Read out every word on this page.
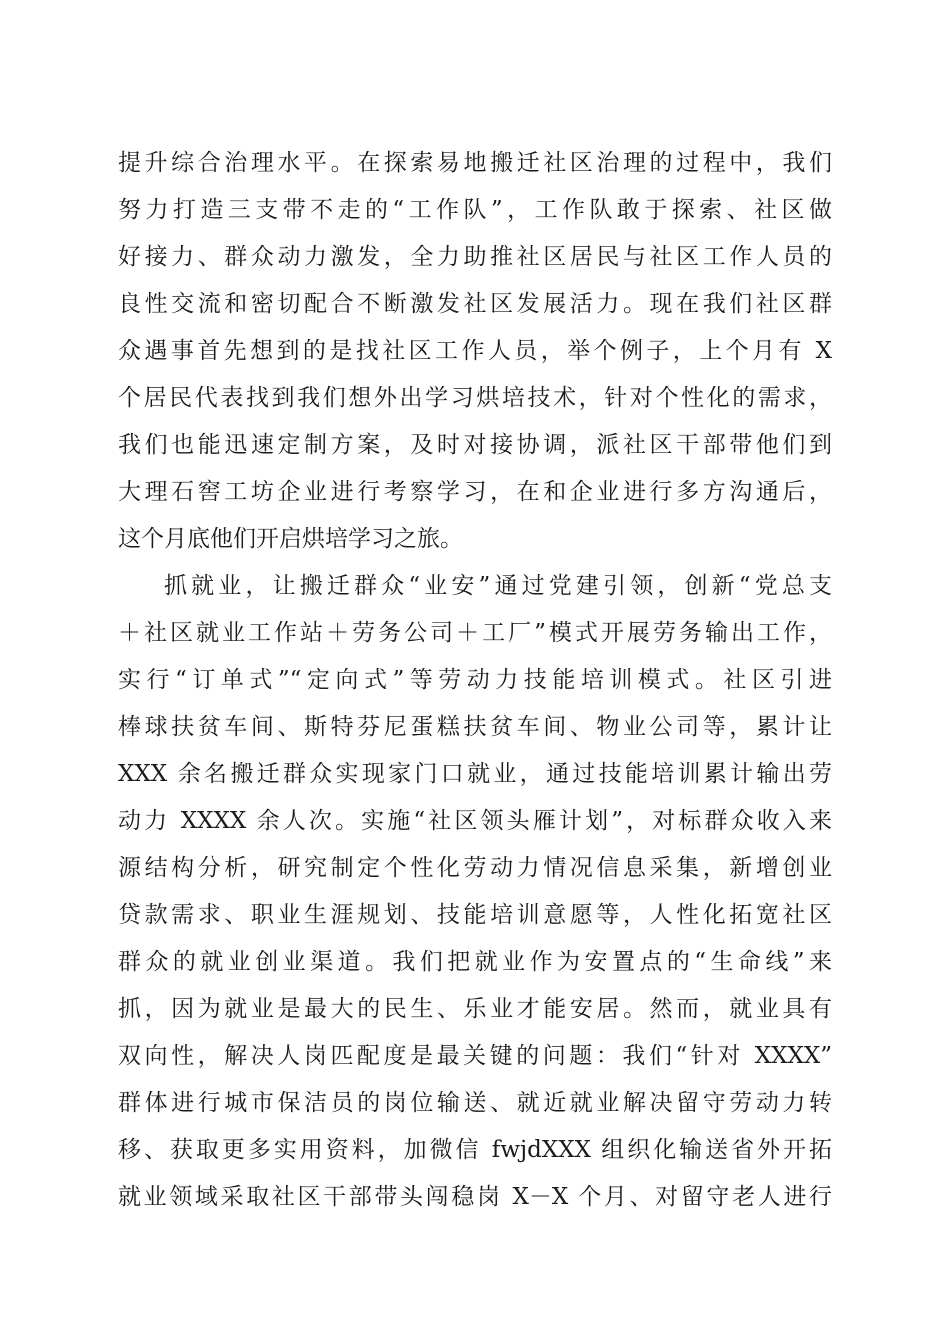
提升综合治理水平。在探索易地搬迁社区治理的过程中，我们
努力打造三支带不走的“工作队”，工作队敢于探索、社区做
好接力、群众动力激发，全力助推社区居民与社区工作人员的
良性交流和密切配合不断激发社区发展活力。现在我们社区群
众遇事首先想到的是找社区工作人员，举个例子，上个月有 X
个居民代表找到我们想外出学习烘培技术，针对个性化的需求，
我们也能迅速定制方案，及时对接协调，派社区干部带他们到
大理石窖工坊企业进行考察学习，在和企业进行多方沟通后，
这个月底他们开启烘培学习之旅。
抓就业，让搬迁群众“业安”通过党建引领，创新“党总支
＋社区就业工作站＋劳务公司＋工厂”模式开展劳务输出工作，
实行“订单式”“定向式”等劳动力技能培训模式。社区引进
棒球扶贫车间、斯特芬尼蛋糕扶贫车间、物业公司等，累计让
XXX 余名搬迁群众实现家门口就业，通过技能培训累计输出劳
动力 XXXX 余人次。实施“社区领头雁计划”，对标群众收入来
源结构分析，研究制定个性化劳动力情况信息采集，新增创业
贷款需求、职业生涯规划、技能培训意愿等，人性化拓宽社区
群众的就业创业渠道。我们把就业作为安置点的“生命线”来
抓，因为就业是最大的民生、乐业才能安居。然而，就业具有
双向性，解决人岗匹配度是最关键的问题：我们“针对 XXXX”
群体进行城市保洁员的岗位输送、就近就业解决留守劳动力转
移、获取更多实用资料，加微信 fwjdXXX 组织化输送省外开拓
就业领域采取社区干部带头闯稳岗 X－X 个月、对留守老人进行
